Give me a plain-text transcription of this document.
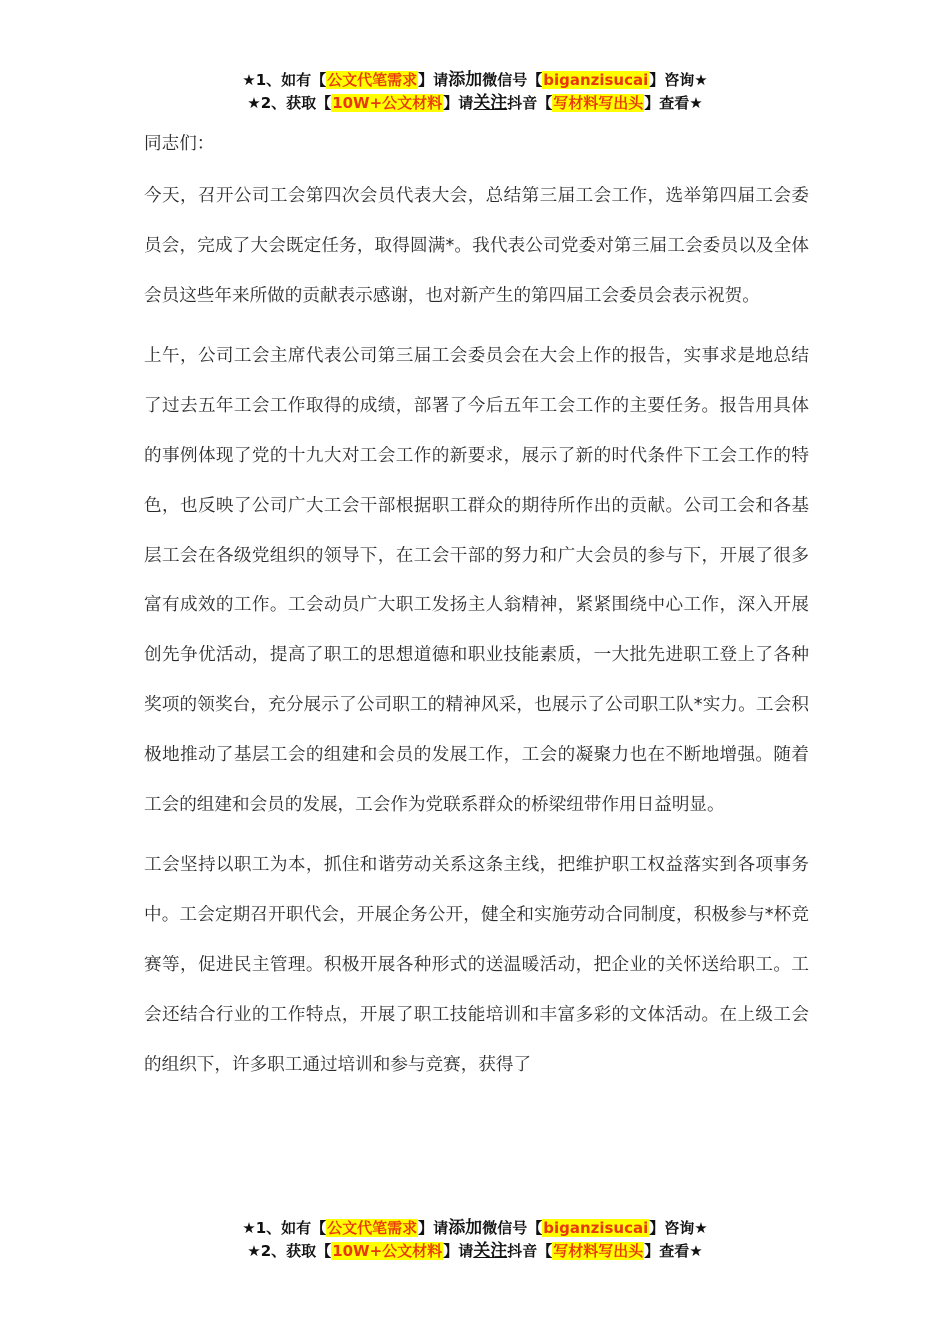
★1、如有【公文代笔需求】请添加微信号【biganzisucai】咨询★
★2、获取【10W+公文材料】请关注抖音【写材料写出头】查看★

同志们：

今天，召开公司工会第四次会员代表大会，总结第三届工会工作，选举第四届工会委员会，完成了大会既定任务，取得圆满*。我代表公司党委对第三届工会委员以及全体会员这些年来所做的贡献表示感谢，也对新产生的第四届工会委员会表示祝贺。

上午，公司工会主席代表公司第三届工会委员会在大会上作的报告，实事求是地总结了过去五年工会工作取得的成绩，部署了今后五年工会工作的主要任务。报告用具体的事例体现了党的十九大对工会工作的新要求，展示了新的时代条件下工会工作的特色，也反映了公司广大工会干部根据职工群众的期待所作出的贡献。公司工会和各基层工会在各级党组织的领导下，在工会干部的努力和广大会员的参与下，开展了很多富有成效的工作。工会动员广大职工发扬主人翁精神，紧紧围绕中心工作，深入开展创先争优活动，提高了职工的思想道德和职业技能素质，一大批先进职工登上了各种奖项的领奖台，充分展示了公司职工的精神风采，也展示了公司职工队*实力。工会积极地推动了基层工会的组建和会员的发展工作，工会的凝聚力也在不断地增强。随着工会的组建和会员的发展，工会作为党联系群众的桥梁纽带作用日益明显。

工会坚持以职工为本，抓住和谐劳动关系这条主线，把维护职工权益落实到各项事务中。工会定期召开职代会，开展企务公开，健全和实施劳动合同制度，积极参与*杯竞赛等，促进民主管理。积极开展各种形式的送温暖活动，把企业的关怀送给职工。工会还结合行业的工作特点，开展了职工技能培训和丰富多彩的文体活动。在上级工会的组织下，许多职工通过培训和参与竞赛，获得了

★1、如有【公文代笔需求】请添加微信号【biganzisucai】咨询★
★2、获取【10W+公文材料】请关注抖音【写材料写出头】查看★
